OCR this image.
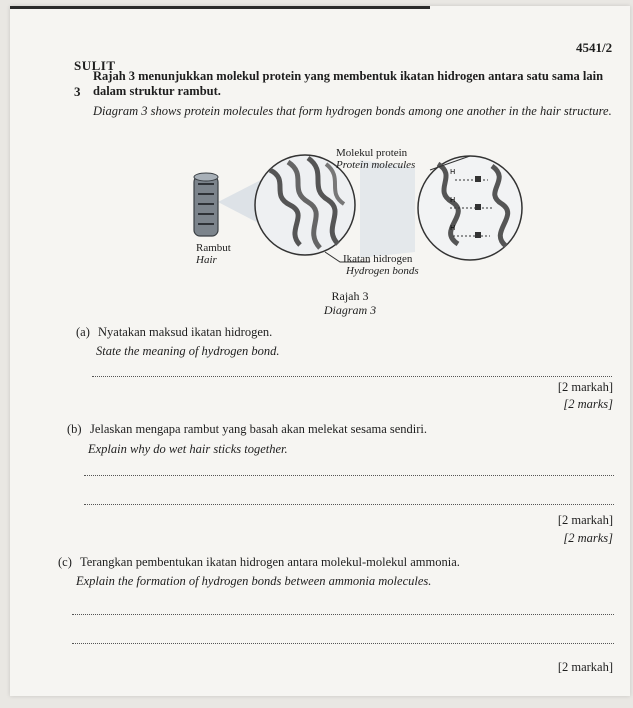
4541/2
SULIT
3
Rajah 3 menunjukkan molekul protein yang membentuk ikatan hidrogen antara satu sama lain dalam struktur rambut.
Diagram 3 shows protein molecules that form hydrogen bonds among one another in the hair structure.
H
H
H
Molekul protein
Protein molecules
Rambut
Hair	Ikatan hidrogen
Hydrogen bonds
Rajah 3
Diagram 3
(a) Nyatakan maksud ikatan hidrogen.
State the meaning of hydrogen bond.
[2 markah]
[2 marks]
(b) Jelaskan mengapa rambut yang basah akan melekat sesama sendiri.
Explain why do wet hair sticks together.
[2 markah]
[2 marks]
(c) Terangkan pembentukan ikatan hidrogen antara molekul-molekul ammonia.
Explain the formation of hydrogen bonds between ammonia molecules.
[2 markah]
